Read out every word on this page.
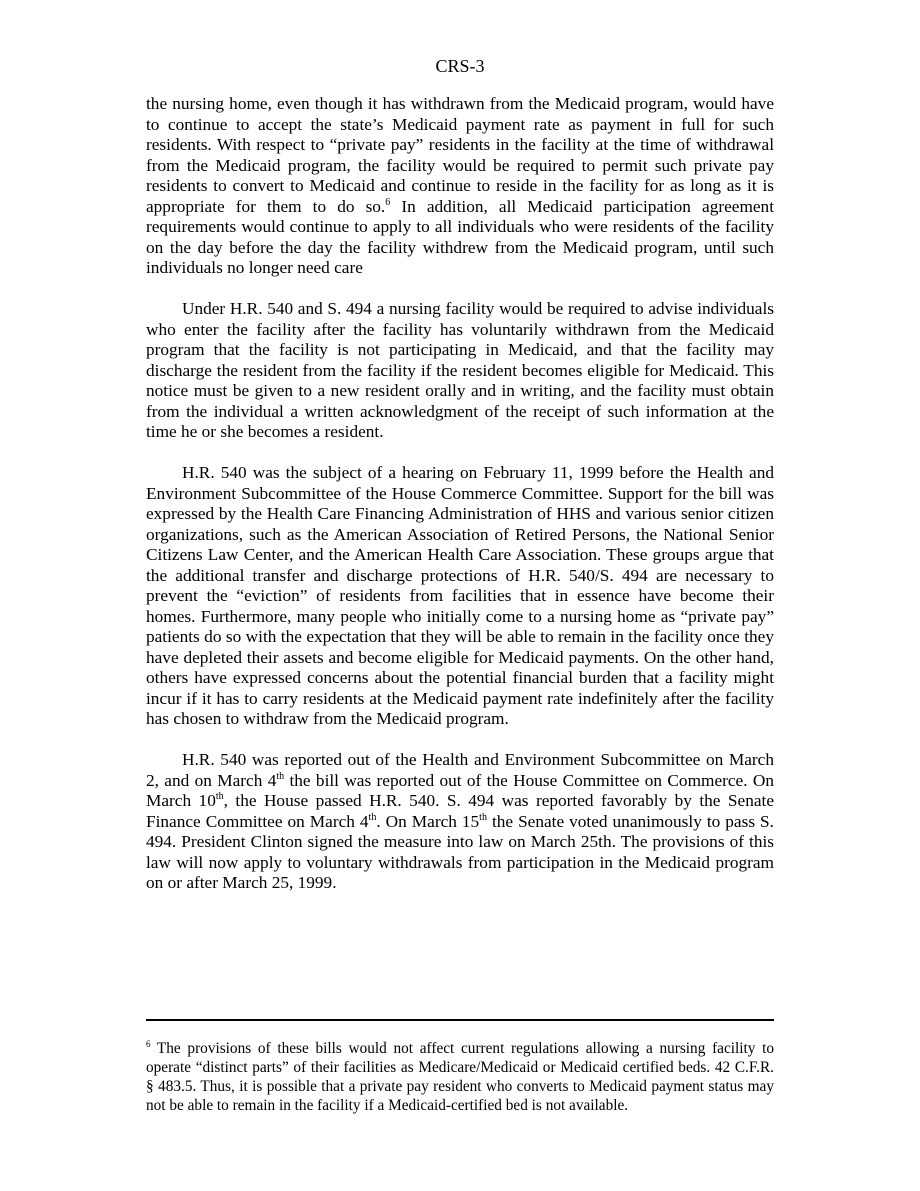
CRS-3

the nursing home, even though it has withdrawn from the Medicaid program, would have to continue to accept the state’s Medicaid payment rate as payment in full for such residents. With respect to “private pay” residents in the facility at the time of withdrawal from the Medicaid program, the facility would be required to permit such private pay residents to convert to Medicaid and continue to reside in the facility for as long as it is appropriate for them to do so.$^6$ In addition, all Medicaid participation agreement requirements would continue to apply to all individuals who were residents of the facility on the day before the day the facility withdrew from the Medicaid program, until such individuals no longer need care

Under H.R. 540 and S. 494 a nursing facility would be required to advise individuals who enter the facility after the facility has voluntarily withdrawn from the Medicaid program that the facility is not participating in Medicaid, and that the facility may discharge the resident from the facility if the resident becomes eligible for Medicaid. This notice must be given to a new resident orally and in writing, and the facility must obtain from the individual a written acknowledgment of the receipt of such information at the time he or she becomes a resident.

H.R. 540 was the subject of a hearing on February 11, 1999 before the Health and Environment Subcommittee of the House Commerce Committee. Support for the bill was expressed by the Health Care Financing Administration of HHS and various senior citizen organizations, such as the American Association of Retired Persons, the National Senior Citizens Law Center, and the American Health Care Association. These groups argue that the additional transfer and discharge protections of H.R. 540/S. 494 are necessary to prevent the “eviction” of residents from facilities that in essence have become their homes. Furthermore, many people who initially come to a nursing home as “private pay” patients do so with the expectation that they will be able to remain in the facility once they have depleted their assets and become eligible for Medicaid payments. On the other hand, others have expressed concerns about the potential financial burden that a facility might incur if it has to carry residents at the Medicaid payment rate indefinitely after the facility has chosen to withdraw from the Medicaid program.

H.R. 540 was reported out of the Health and Environment Subcommittee on March 2, and on March 4th the bill was reported out of the House Committee on Commerce. On March 10th, the House passed H.R. 540. S. 494 was reported favorably by the Senate Finance Committee on March 4th. On March 15th the Senate voted unanimously to pass S. 494. President Clinton signed the measure into law on March 25th. The provisions of this law will now apply to voluntary withdrawals from participation in the Medicaid program on or after March 25, 1999.

$^6$ The provisions of these bills would not affect current regulations allowing a nursing facility to operate “distinct parts” of their facilities as Medicare/Medicaid or Medicaid certified beds. 42 C.F.R. § 483.5. Thus, it is possible that a private pay resident who converts to Medicaid payment status may not be able to remain in the facility if a Medicaid-certified bed is not available.
